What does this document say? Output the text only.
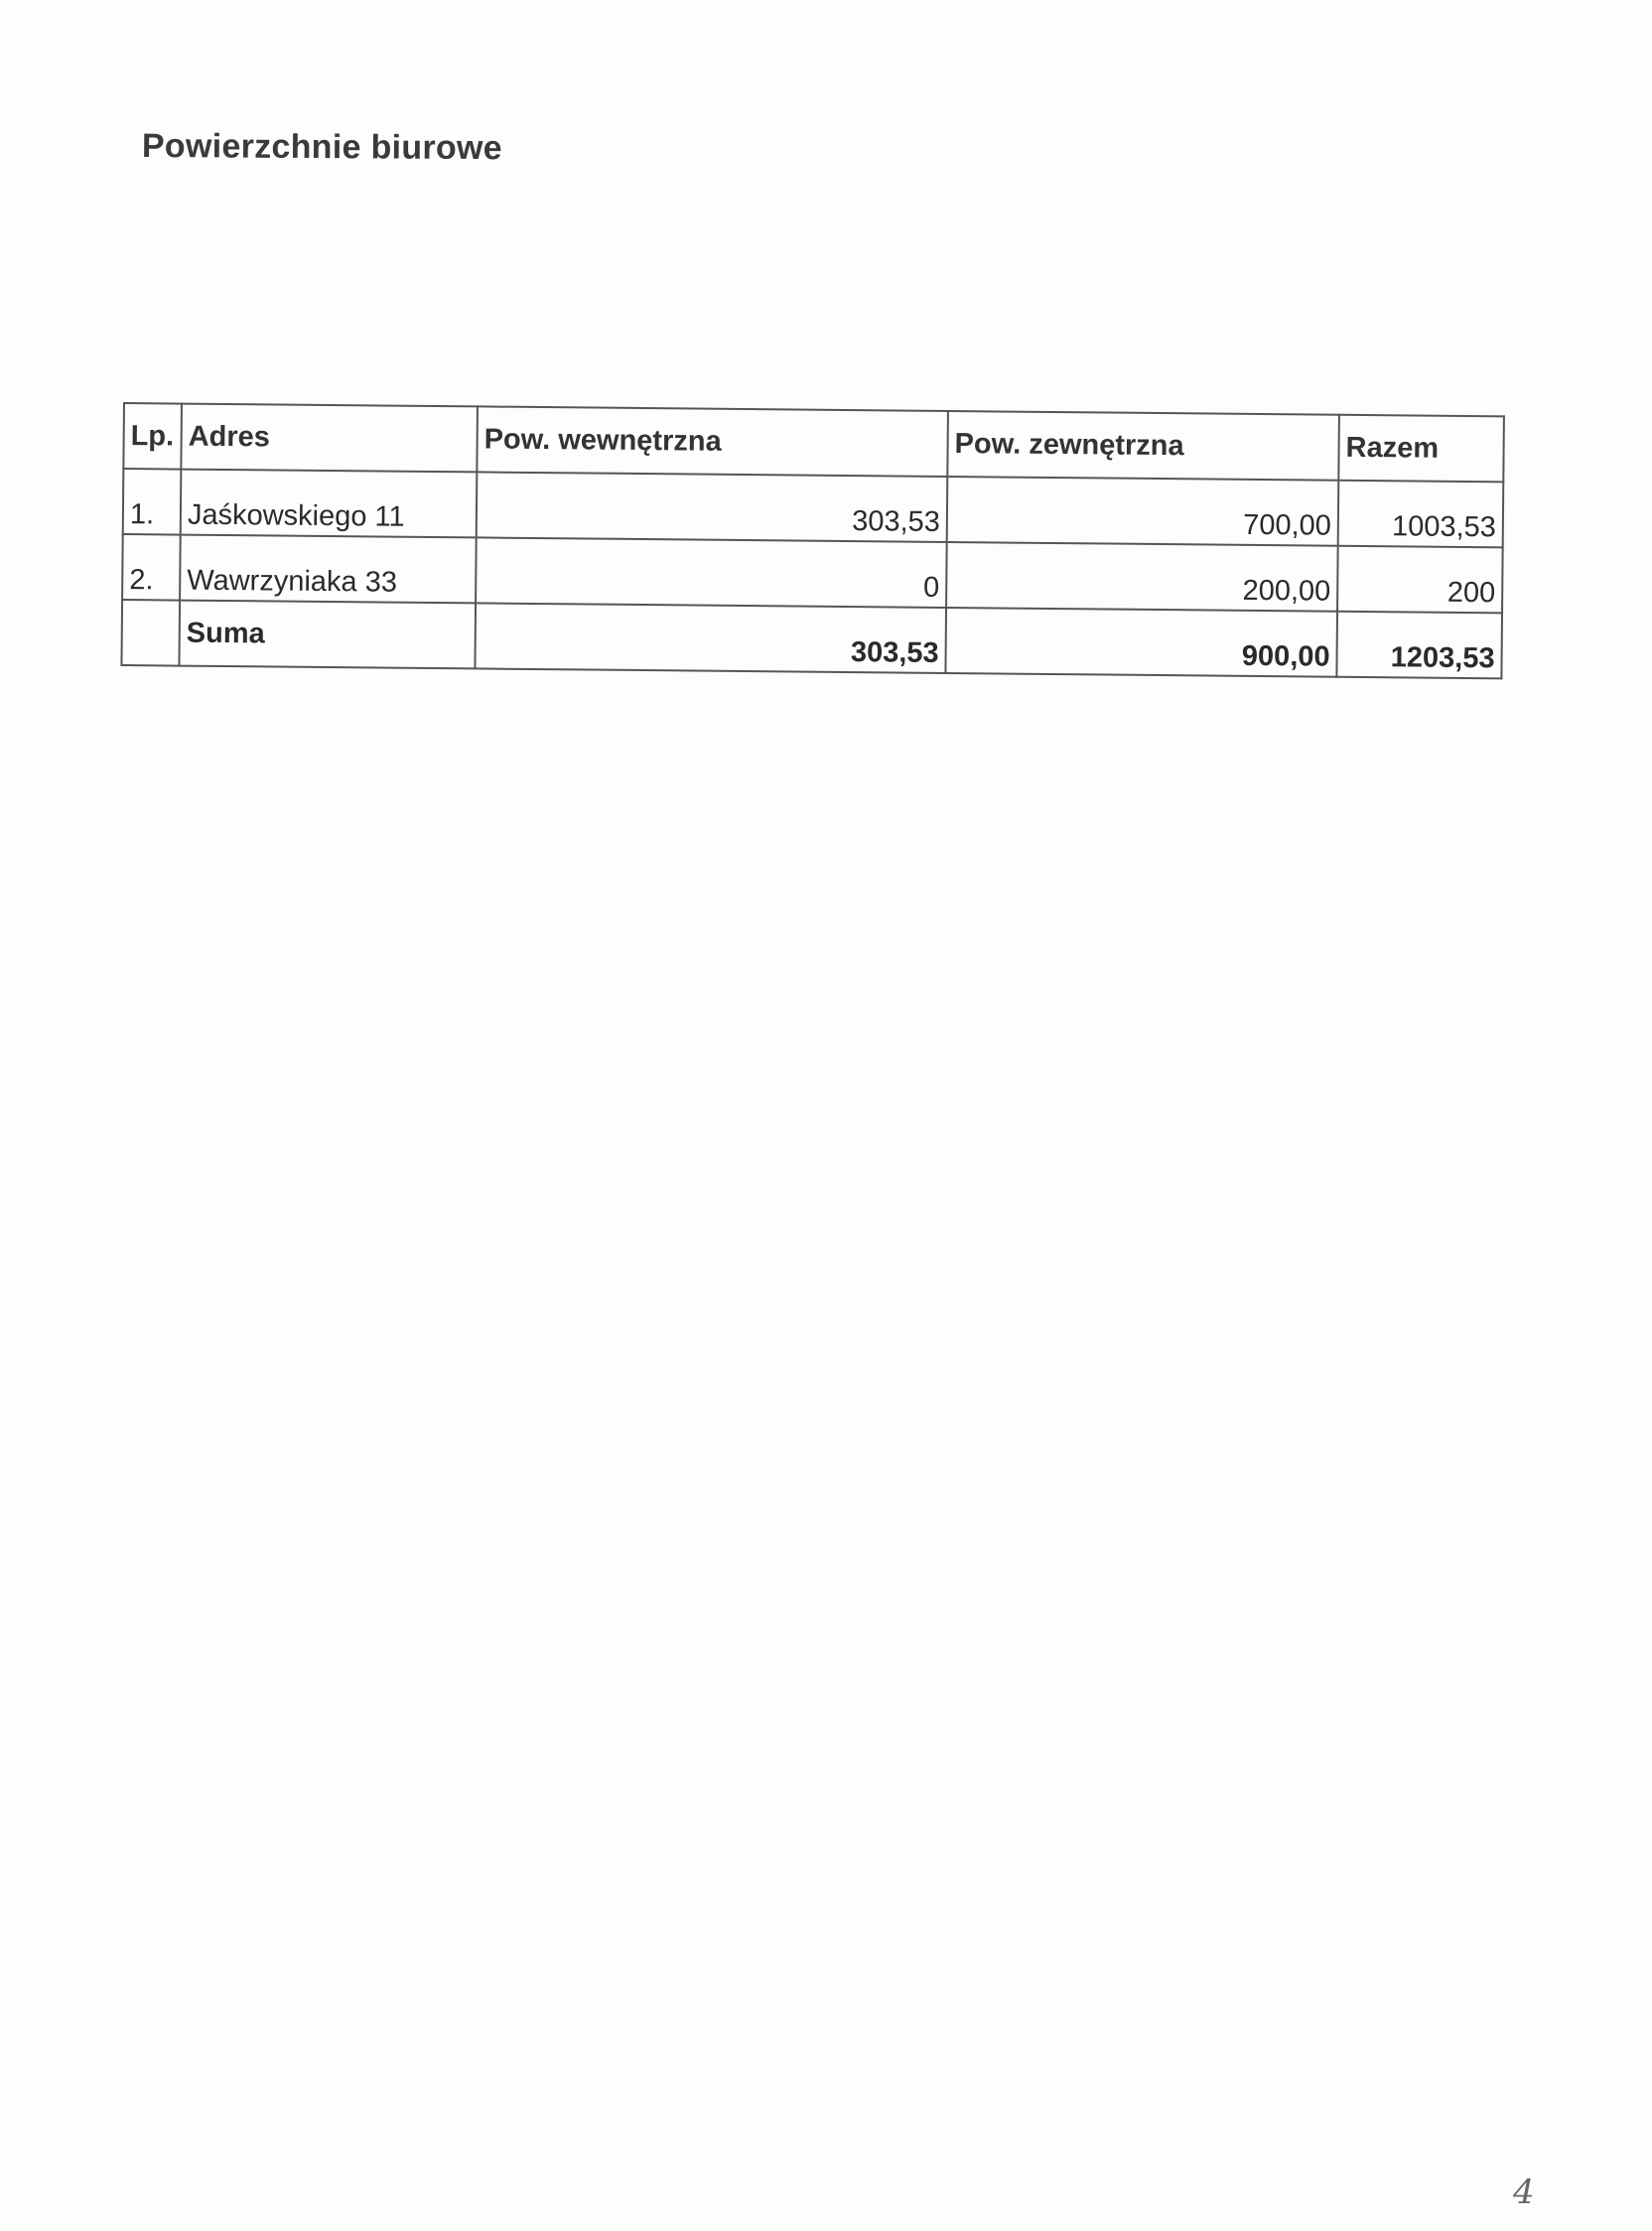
Powierzchnie biurowe
Lp.	Adres	Pow. wewnętrzna	Pow. zewnętrzna	Razem
1.	Jaśkowskiego 11	303,53	700,00	1003,53
2.	Wawrzyniaka 33	0	200,00	200
	Suma	303,53	900,00	1203,53
4
